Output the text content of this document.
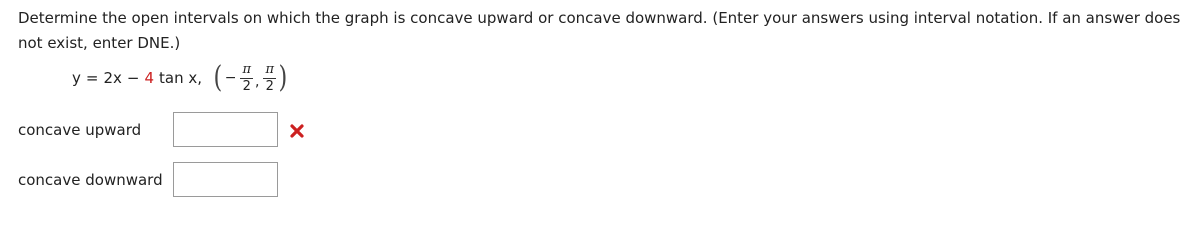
Determine the open intervals on which the graph is concave upward or concave downward. (Enter your answers using interval notation. If an answer does not exist, enter DNE.)
y = 2x − 4 tan x, ( − $\frac{\pi}{2}$ , $\frac{\pi}{2}$ )
concave upward
concave downward
